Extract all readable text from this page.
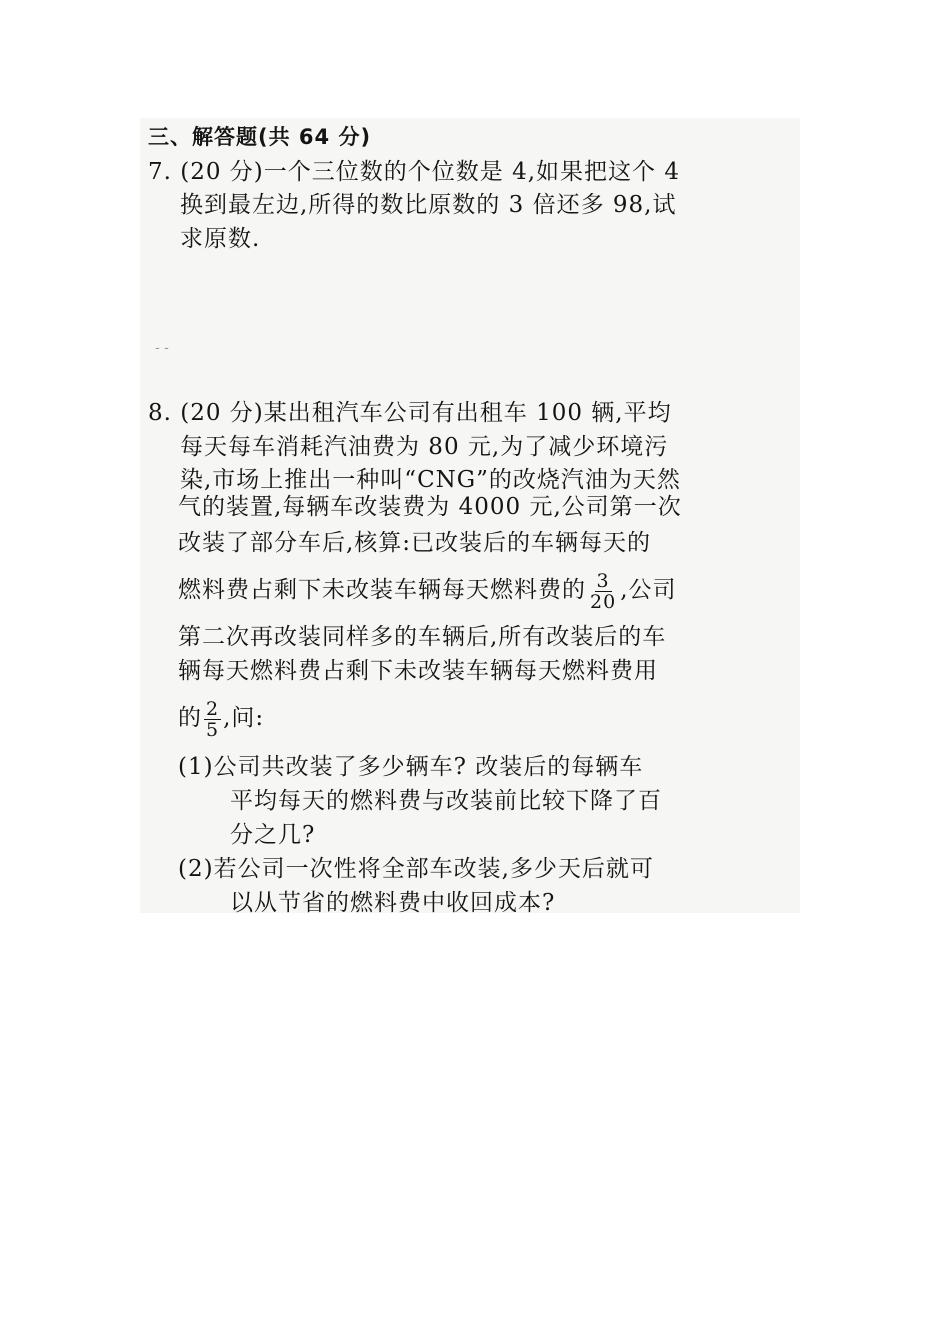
三、解答题(共 64 分)
7. (20 分)一个三位数的个位数是 4,如果把这个 4
换到最左边,所得的数比原数的 3 倍还多 98,试
求原数.
- -
8. (20 分)某出租汽车公司有出租车 100 辆,平均
每天每车消耗汽油费为 80 元,为了减少环境污
染,市场上推出一种叫“CNG”的改烧汽油为天然
气的装置,每辆车改装费为 4000 元,公司第一次
改装了部分车后,核算:已改装后的车辆每天的
燃料费占剩下未改装车辆每天燃料费的 $\frac{3}{20}$ ,公司
第二次再改装同样多的车辆后,所有改装后的车
辆每天燃料费占剩下未改装车辆每天燃料费用
的 $\frac{2}{5}$ ,问:
(1)公司共改装了多少辆车? 改装后的每辆车
平均每天的燃料费与改装前比较下降了百
分之几?
(2)若公司一次性将全部车改装,多少天后就可
以从节省的燃料费中收回成本?
